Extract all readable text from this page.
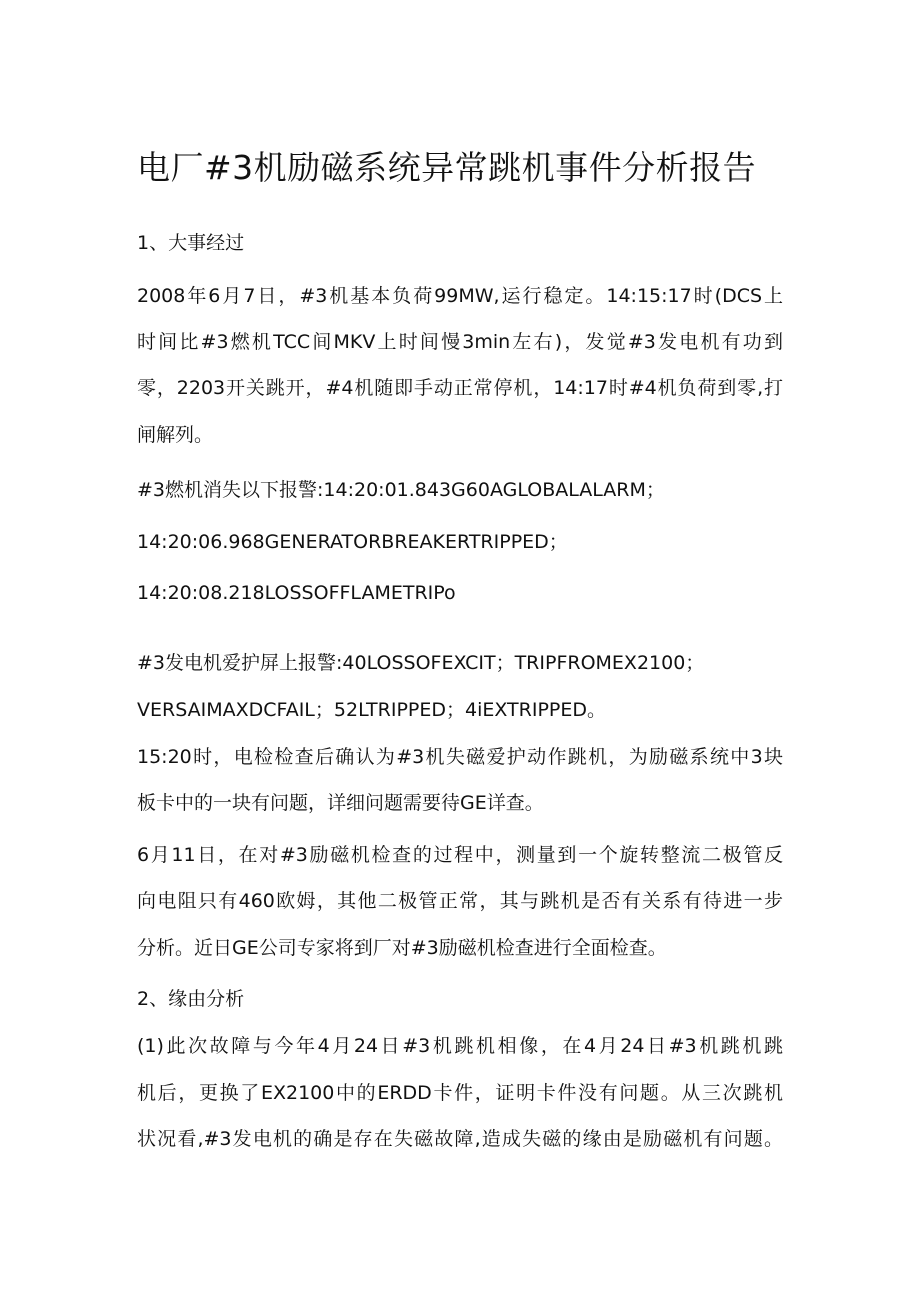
电厂#3机励磁系统异常跳机事件分析报告
1、大事经过
2008年6月7日，#3机基本负荷99MW,运行稳定。14:15:17时(DCS上
时间比#3燃机TCC间MKV上时间慢3min左右)，发觉#3发电机有功到
零，2203开关跳开，#4机随即手动正常停机，14:17时#4机负荷到零,打
闸解列。
#3燃机消失以下报警:14:20:01.843G60AGLOBALALARM；
14:20:06.968GENERATORBREAKERTRIPPED；
14:20:08.218LOSSOFFLAMETRIPo
#3发电机爱护屏上报警:40LOSSOFEXCIT；TRIPFROMEX2100；
VERSAIMAXDCFAIL；52LTRIPPED；4iEXTRIPPED。
15:20时，电检检查后确认为#3机失磁爱护动作跳机，为励磁系统中3块
板卡中的一块有问题，详细问题需要待GE详查。
6月11日，在对#3励磁机检查的过程中，测量到一个旋转整流二极管反
向电阻只有460欧姆，其他二极管正常，其与跳机是否有关系有待进一步
分析。近日GE公司专家将到厂对#3励磁机检查进行全面检查。
2、缘由分析
(1)此次故障与今年4月24日#3机跳机相像，在4月24日#3机跳机跳
机后，更换了EX2100中的ERDD卡件，证明卡件没有问题。从三次跳机
状况看,#3发电机的确是存在失磁故障,造成失磁的缘由是励磁机有问题。
